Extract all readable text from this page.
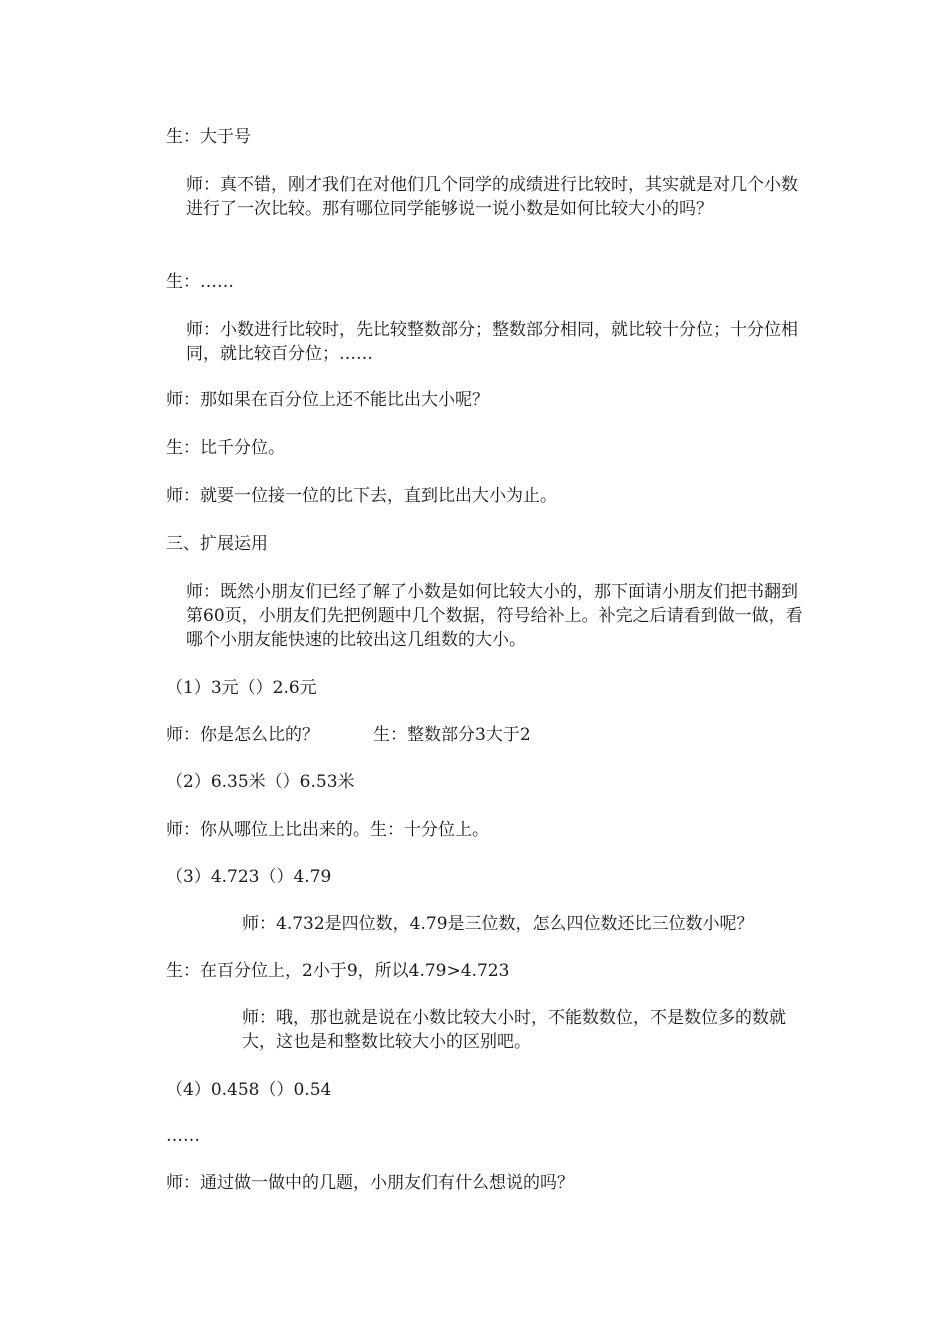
生：大于号

师：真不错，刚才我们在对他们几个同学的成绩进行比较时，其实就是对几个小数进行了一次比较。那有哪位同学能够说一说小数是如何比较大小的吗？

生：……

师：小数进行比较时，先比较整数部分；整数部分相同，就比较十分位；十分位相同，就比较百分位；……

师：那如果在百分位上还不能比出大小呢？

生：比千分位。

师：就要一位接一位的比下去，直到比出大小为止。

三、扩展运用

师：既然小朋友们已经了解了小数是如何比较大小的，那下面请小朋友们把书翻到第60页，小朋友们先把例题中几个数据，符号给补上。补完之后请看到做一做，看哪个小朋友能快速的比较出这几组数的大小。

（1）3元（）2.6元

师：你是怎么比的？          生：整数部分3大于2

（2）6.35米（）6.53米

师：你从哪位上比出来的。生：十分位上。

（3）4.723（）4.79

师：4.732是四位数，4.79是三位数，怎么四位数还比三位数小呢？

生：在百分位上，2小于9，所以4.79>4.723

师：哦，那也就是说在小数比较大小时，不能数数位，不是数位多的数就大，这也是和整数比较大小的区别吧。

（4）0.458（）0.54

……

师：通过做一做中的几题，小朋友们有什么想说的吗？
